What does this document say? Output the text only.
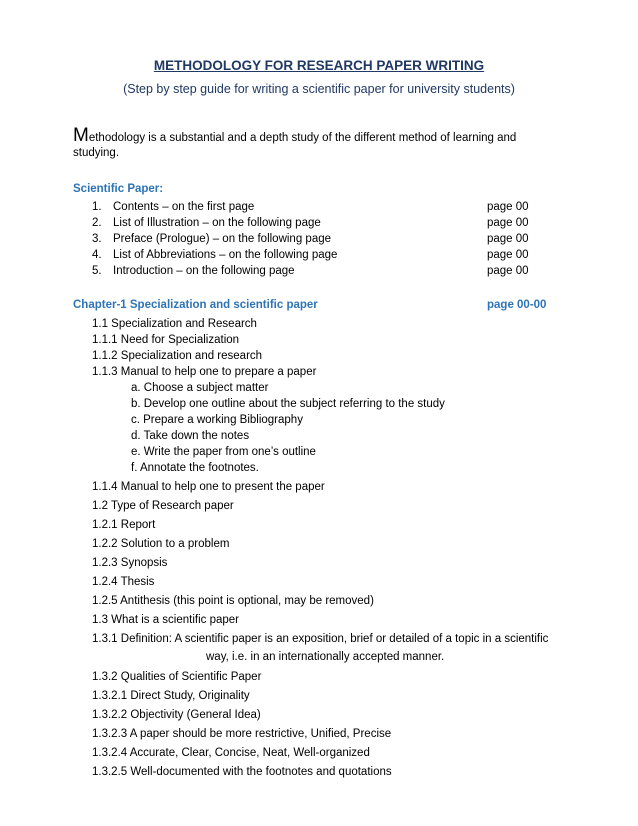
METHODOLOGY FOR RESEARCH PAPER WRITING
(Step by step guide for writing a scientific paper for university students)
Methodology is a substantial and a depth study of the different method of learning and
studying.
Scientific Paper:
1. Contents – on the first page	page 00
2. List of Illustration – on the following page	page 00
3. Preface (Prologue) – on the following page	page 00
4. List of Abbreviations – on the following page	page 00
5. Introduction – on the following page	page 00
Chapter-1 Specialization and scientific paper	page 00-00
1.1 Specialization and Research
1.1.1 Need for Specialization
1.1.2 Specialization and research
1.1.3 Manual to help one to prepare a paper
a. Choose a subject matter
b. Develop one outline about the subject referring to the study
c. Prepare a working Bibliography
d. Take down the notes
e. Write the paper from one’s outline
f. Annotate the footnotes.
1.1.4 Manual to help one to present the paper
1.2 Type of Research paper
1.2.1 Report
1.2.2 Solution to a problem
1.2.3 Synopsis
1.2.4 Thesis
1.2.5 Antithesis (this point is optional, may be removed)
1.3 What is a scientific paper
1.3.1 Definition: A scientific paper is an exposition, brief or detailed of a topic in a scientific
way, i.e. in an internationally accepted manner.
1.3.2 Qualities of Scientific Paper
1.3.2.1 Direct Study, Originality
1.3.2.2 Objectivity (General Idea)
1.3.2.3 A paper should be more restrictive, Unified, Precise
1.3.2.4 Accurate, Clear, Concise, Neat, Well-organized
1.3.2.5 Well-documented with the footnotes and quotations
